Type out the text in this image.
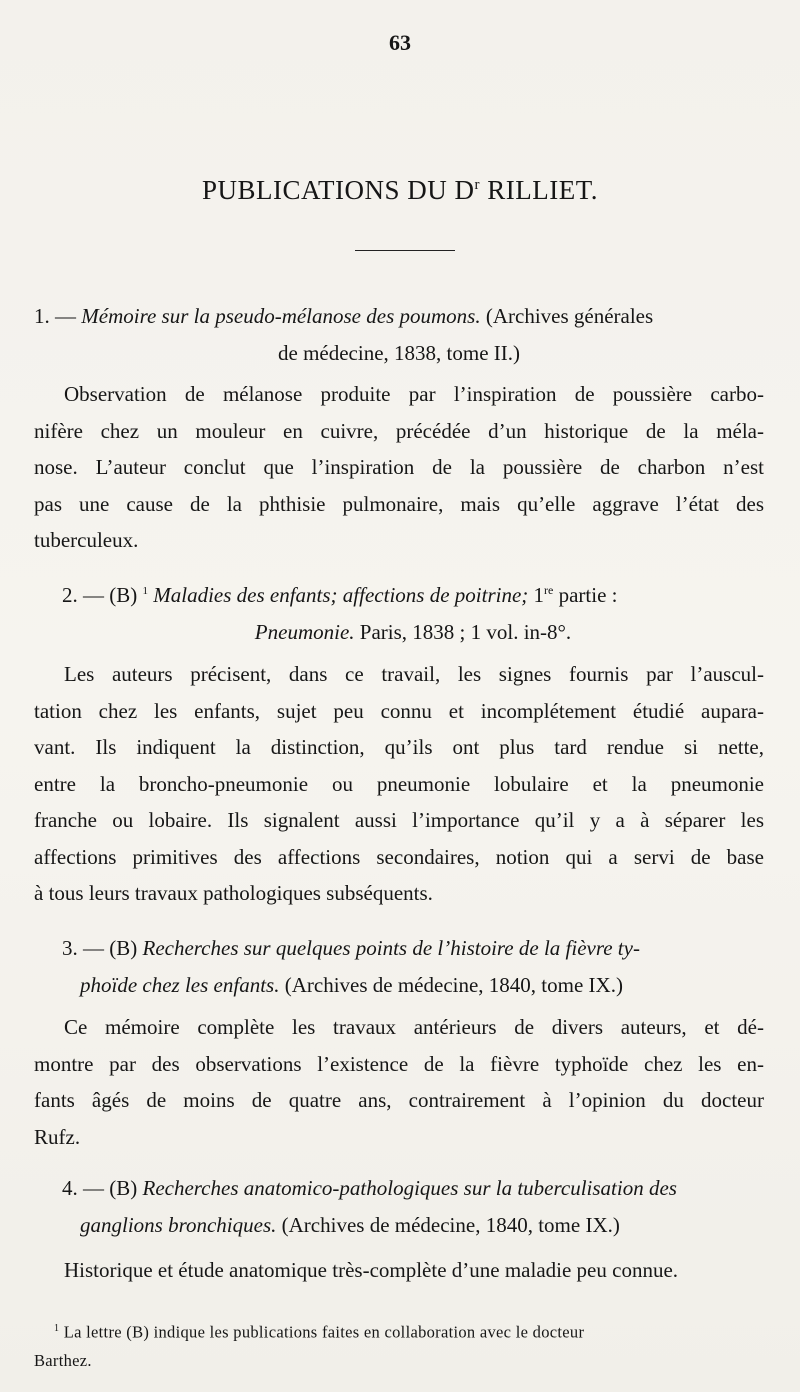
63
PUBLICATIONS DU $D^r$ RILLIET.
1. — Mémoire sur la pseudo-mélanose des poumons. (Archives générales
de médecine, 1838, tome II.)
Observation de mélanose produite par l’inspiration de poussière carbo-
nifère chez un mouleur en cuivre, précédée d’un historique de la méla-
nose. L’auteur conclut que l’inspiration de la poussière de charbon n’est
pas une cause de la phthisie pulmonaire, mais qu’elle aggrave l’état des
tuberculeux.
2. — (B) $^1$ Maladies des enfants; affections de poitrine; 1re partie :
Pneumonie. Paris, 1838 ; 1 vol. in-8°.
Les auteurs précisent, dans ce travail, les signes fournis par l’auscul-
tation chez les enfants, sujet peu connu et incomplétement étudié aupara-
vant. Ils indiquent la distinction, qu’ils ont plus tard rendue si nette,
entre la broncho-pneumonie ou pneumonie lobulaire et la pneumonie
franche ou lobaire. Ils signalent aussi l’importance qu’il y a à séparer les
affections primitives des affections secondaires, notion qui a servi de base
à tous leurs travaux pathologiques subséquents.
3. — (B) Recherches sur quelques points de l’histoire de la fièvre ty-
phoïde chez les enfants. (Archives de médecine, 1840, tome IX.)
Ce mémoire complète les travaux antérieurs de divers auteurs, et dé-
montre par des observations l’existence de la fièvre typhoïde chez les en-
fants âgés de moins de quatre ans, contrairement à l’opinion du docteur
Rufz.
4. — (B) Recherches anatomico-pathologiques sur la tuberculisation des
ganglions bronchiques. (Archives de médecine, 1840, tome IX.)
Historique et étude anatomique très-complète d’une maladie peu connue.
$^1$ La lettre (B) indique les publications faites en collaboration avec le docteur
Barthez.
